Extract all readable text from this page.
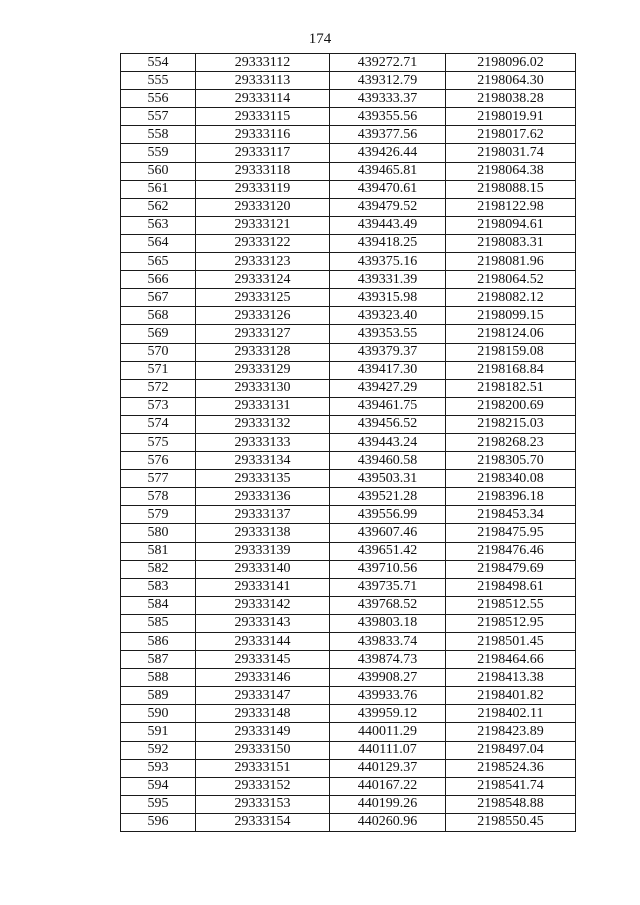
174
554	29333112	439272.71	2198096.02
555	29333113	439312.79	2198064.30
556	29333114	439333.37	2198038.28
557	29333115	439355.56	2198019.91
558	29333116	439377.56	2198017.62
559	29333117	439426.44	2198031.74
560	29333118	439465.81	2198064.38
561	29333119	439470.61	2198088.15
562	29333120	439479.52	2198122.98
563	29333121	439443.49	2198094.61
564	29333122	439418.25	2198083.31
565	29333123	439375.16	2198081.96
566	29333124	439331.39	2198064.52
567	29333125	439315.98	2198082.12
568	29333126	439323.40	2198099.15
569	29333127	439353.55	2198124.06
570	29333128	439379.37	2198159.08
571	29333129	439417.30	2198168.84
572	29333130	439427.29	2198182.51
573	29333131	439461.75	2198200.69
574	29333132	439456.52	2198215.03
575	29333133	439443.24	2198268.23
576	29333134	439460.58	2198305.70
577	29333135	439503.31	2198340.08
578	29333136	439521.28	2198396.18
579	29333137	439556.99	2198453.34
580	29333138	439607.46	2198475.95
581	29333139	439651.42	2198476.46
582	29333140	439710.56	2198479.69
583	29333141	439735.71	2198498.61
584	29333142	439768.52	2198512.55
585	29333143	439803.18	2198512.95
586	29333144	439833.74	2198501.45
587	29333145	439874.73	2198464.66
588	29333146	439908.27	2198413.38
589	29333147	439933.76	2198401.82
590	29333148	439959.12	2198402.11
591	29333149	440011.29	2198423.89
592	29333150	440111.07	2198497.04
593	29333151	440129.37	2198524.36
594	29333152	440167.22	2198541.74
595	29333153	440199.26	2198548.88
596	29333154	440260.96	2198550.45
